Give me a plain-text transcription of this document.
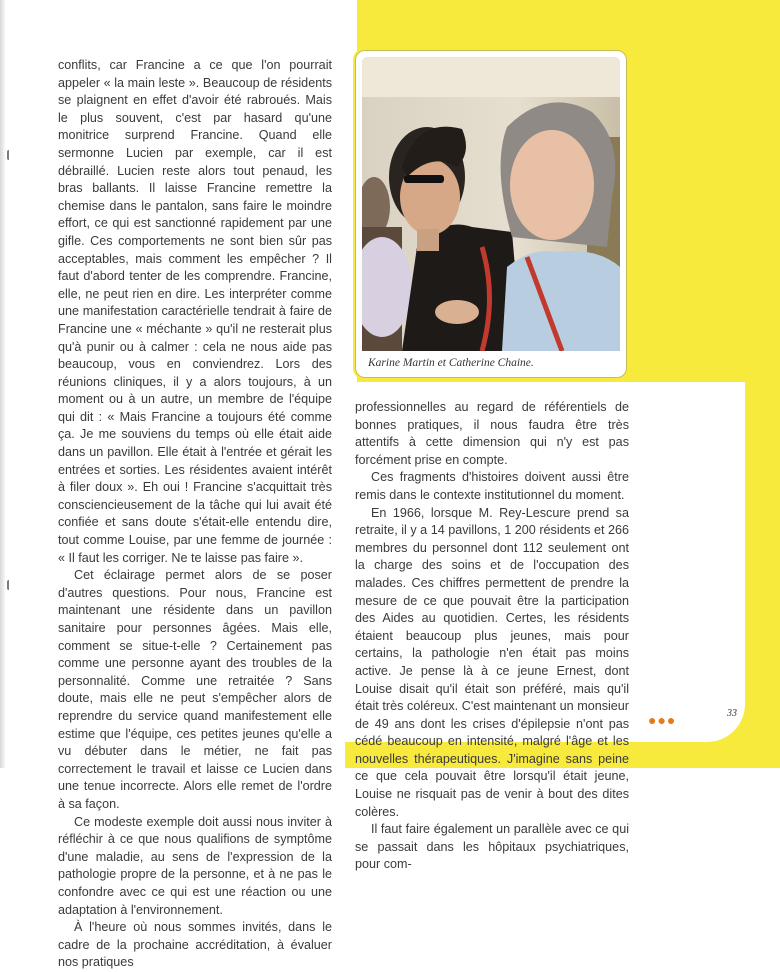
conflits, car Francine a ce que l'on pourrait appeler « la main leste ». Beaucoup de résidents se plaignent en effet d'avoir été rabroués. Mais le plus souvent, c'est par hasard qu'une monitrice surprend Francine. Quand elle sermonne Lucien par exemple, car il est débraillé. Lucien reste alors tout penaud, les bras ballants. Il laisse Francine remettre la chemise dans le pantalon, sans faire le moindre effort, ce qui est sanctionné rapidement par une gifle. Ces comportements ne sont bien sûr pas acceptables, mais comment les empêcher ? Il faut d'abord tenter de les comprendre. Francine, elle, ne peut rien en dire. Les interpréter comme une manifestation caractérielle tendrait à faire de Francine une « méchante » qu'il ne resterait plus qu'à punir ou à calmer : cela ne nous aide pas beaucoup, vous en conviendrez. Lors des réunions cliniques, il y a alors toujours, à un moment ou à un autre, un membre de l'équipe qui dit : « Mais Francine a toujours été comme ça. Je me souviens du temps où elle était aide dans un pavillon. Elle était à l'entrée et gérait les entrées et sorties. Les résidentes avaient intérêt à filer doux ». Eh oui ! Francine s'acquittait très consciencieusement de la tâche qui lui avait été confiée et sans doute s'était-elle entendu dire, tout comme Louise, par une femme de journée : « Il faut les corriger. Ne te laisse pas faire ».

Cet éclairage permet alors de se poser d'autres questions. Pour nous, Francine est maintenant une résidente dans un pavillon sanitaire pour personnes âgées. Mais elle, comment se situe-t-elle ? Certainement pas comme une personne ayant des troubles de la personnalité. Comme une retraitée ? Sans doute, mais elle ne peut s'empêcher alors de reprendre du service quand manifestement elle estime que l'équipe, ces petites jeunes qu'elle a vu débuter dans le métier, ne fait pas correctement le travail et laisse ce Lucien dans une tenue incorrecte. Alors elle remet de l'ordre à sa façon.

Ce modeste exemple doit aussi nous inviter à réfléchir à ce que nous qualifions de symptôme d'une maladie, au sens de l'expression de la pathologie propre de la personne, et à ne pas le confondre avec ce qui est une réaction ou une adaptation à l'environnement.

À l'heure où nous sommes invités, dans le cadre de la prochaine accréditation, à évaluer nos pratiques

Karine Martin et Catherine Chaine.

professionnelles au regard de référentiels de bonnes pratiques, il nous faudra être très attentifs à cette dimension qui n'y est pas forcément prise en compte.

Ces fragments d'histoires doivent aussi être remis dans le contexte institutionnel du moment.

En 1966, lorsque M. Rey-Lescure prend sa retraite, il y a 14 pavillons, 1 200 résidents et 266 membres du personnel dont 112 seulement ont la charge des soins et de l'occupation des malades. Ces chiffres permettent de prendre la mesure de ce que pouvait être la participation des Aides au quotidien. Certes, les résidents étaient beaucoup plus jeunes, mais pour certains, la pathologie n'en était pas moins active. Je pense là à ce jeune Ernest, dont Louise disait qu'il était son préféré, mais qu'il était très coléreux. C'est maintenant un monsieur de 49 ans dont les crises d'épilepsie n'ont pas cédé beaucoup en intensité, malgré l'âge et les nouvelles thérapeutiques. J'imagine sans peine ce que cela pouvait être lorsqu'il était jeune, Louise ne risquait pas de venir à bout des dites colères.

Il faut faire également un parallèle avec ce qui se passait dans les hôpitaux psychiatriques, pour com-

●●●	33
